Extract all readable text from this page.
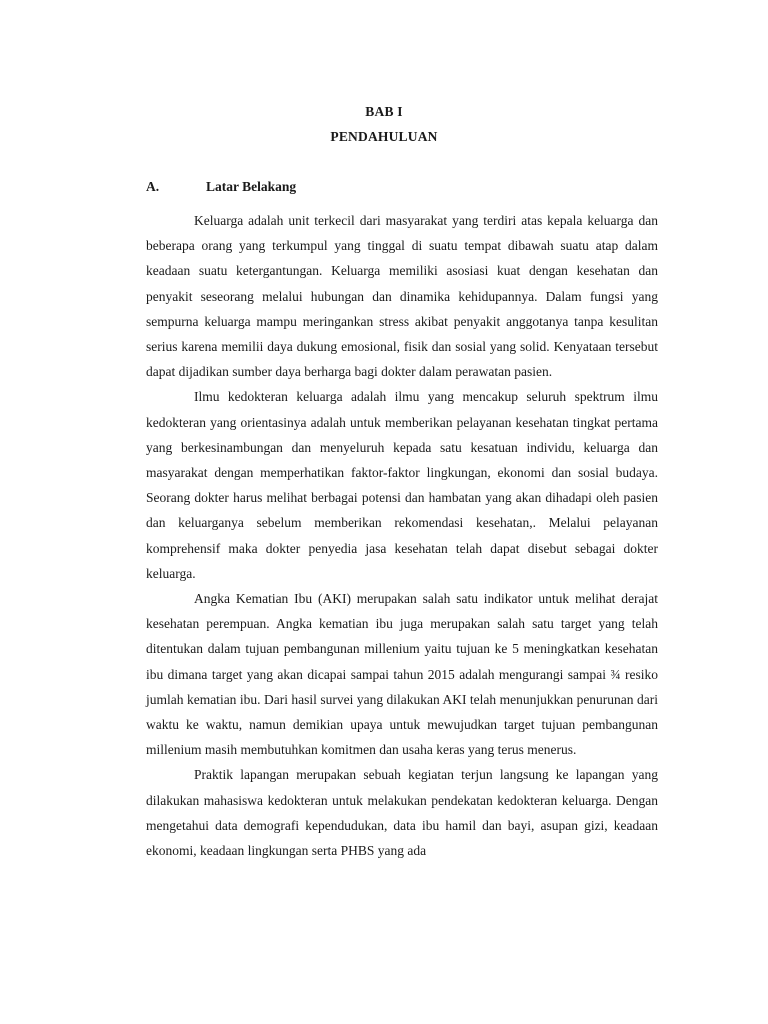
BAB I
PENDAHULUAN
A.	Latar Belakang

Keluarga adalah unit terkecil dari masyarakat yang terdiri atas kepala keluarga dan beberapa orang yang terkumpul yang tinggal di suatu tempat dibawah suatu atap dalam keadaan suatu ketergantungan. Keluarga memiliki asosiasi kuat dengan kesehatan dan penyakit seseorang melalui hubungan dan dinamika kehidupannya. Dalam fungsi yang sempurna keluarga mampu meringankan stress akibat penyakit anggotanya tanpa kesulitan serius karena memilii daya dukung emosional, fisik dan sosial yang solid. Kenyataan tersebut dapat dijadikan sumber daya berharga bagi dokter dalam perawatan pasien.

Ilmu kedokteran keluarga adalah ilmu yang mencakup seluruh spektrum ilmu kedokteran yang orientasinya adalah untuk memberikan pelayanan kesehatan tingkat pertama yang berkesinambungan dan menyeluruh kepada satu kesatuan individu, keluarga dan masyarakat dengan memperhatikan faktor-faktor lingkungan, ekonomi dan sosial budaya. Seorang dokter harus melihat berbagai potensi dan hambatan yang akan dihadapi oleh pasien dan keluarganya sebelum memberikan rekomendasi kesehatan,. Melalui pelayanan komprehensif maka dokter penyedia jasa kesehatan telah dapat disebut sebagai dokter keluarga.

Angka Kematian Ibu (AKI) merupakan salah satu indikator untuk melihat derajat kesehatan perempuan. Angka kematian ibu juga merupakan salah satu target yang telah ditentukan dalam tujuan pembangunan millenium yaitu tujuan ke 5 meningkatkan kesehatan ibu dimana target yang akan dicapai sampai tahun 2015 adalah mengurangi sampai ¾ resiko jumlah kematian ibu. Dari hasil survei yang dilakukan AKI telah menunjukkan penurunan dari waktu ke waktu, namun demikian upaya untuk mewujudkan target tujuan pembangunan millenium masih membutuhkan komitmen dan usaha keras yang terus menerus.

Praktik lapangan merupakan sebuah kegiatan terjun langsung ke lapangan yang dilakukan mahasiswa kedokteran untuk melakukan pendekatan kedokteran keluarga. Dengan mengetahui data demografi kependudukan, data ibu hamil dan bayi, asupan gizi, keadaan ekonomi, keadaan lingkungan serta PHBS yang ada
